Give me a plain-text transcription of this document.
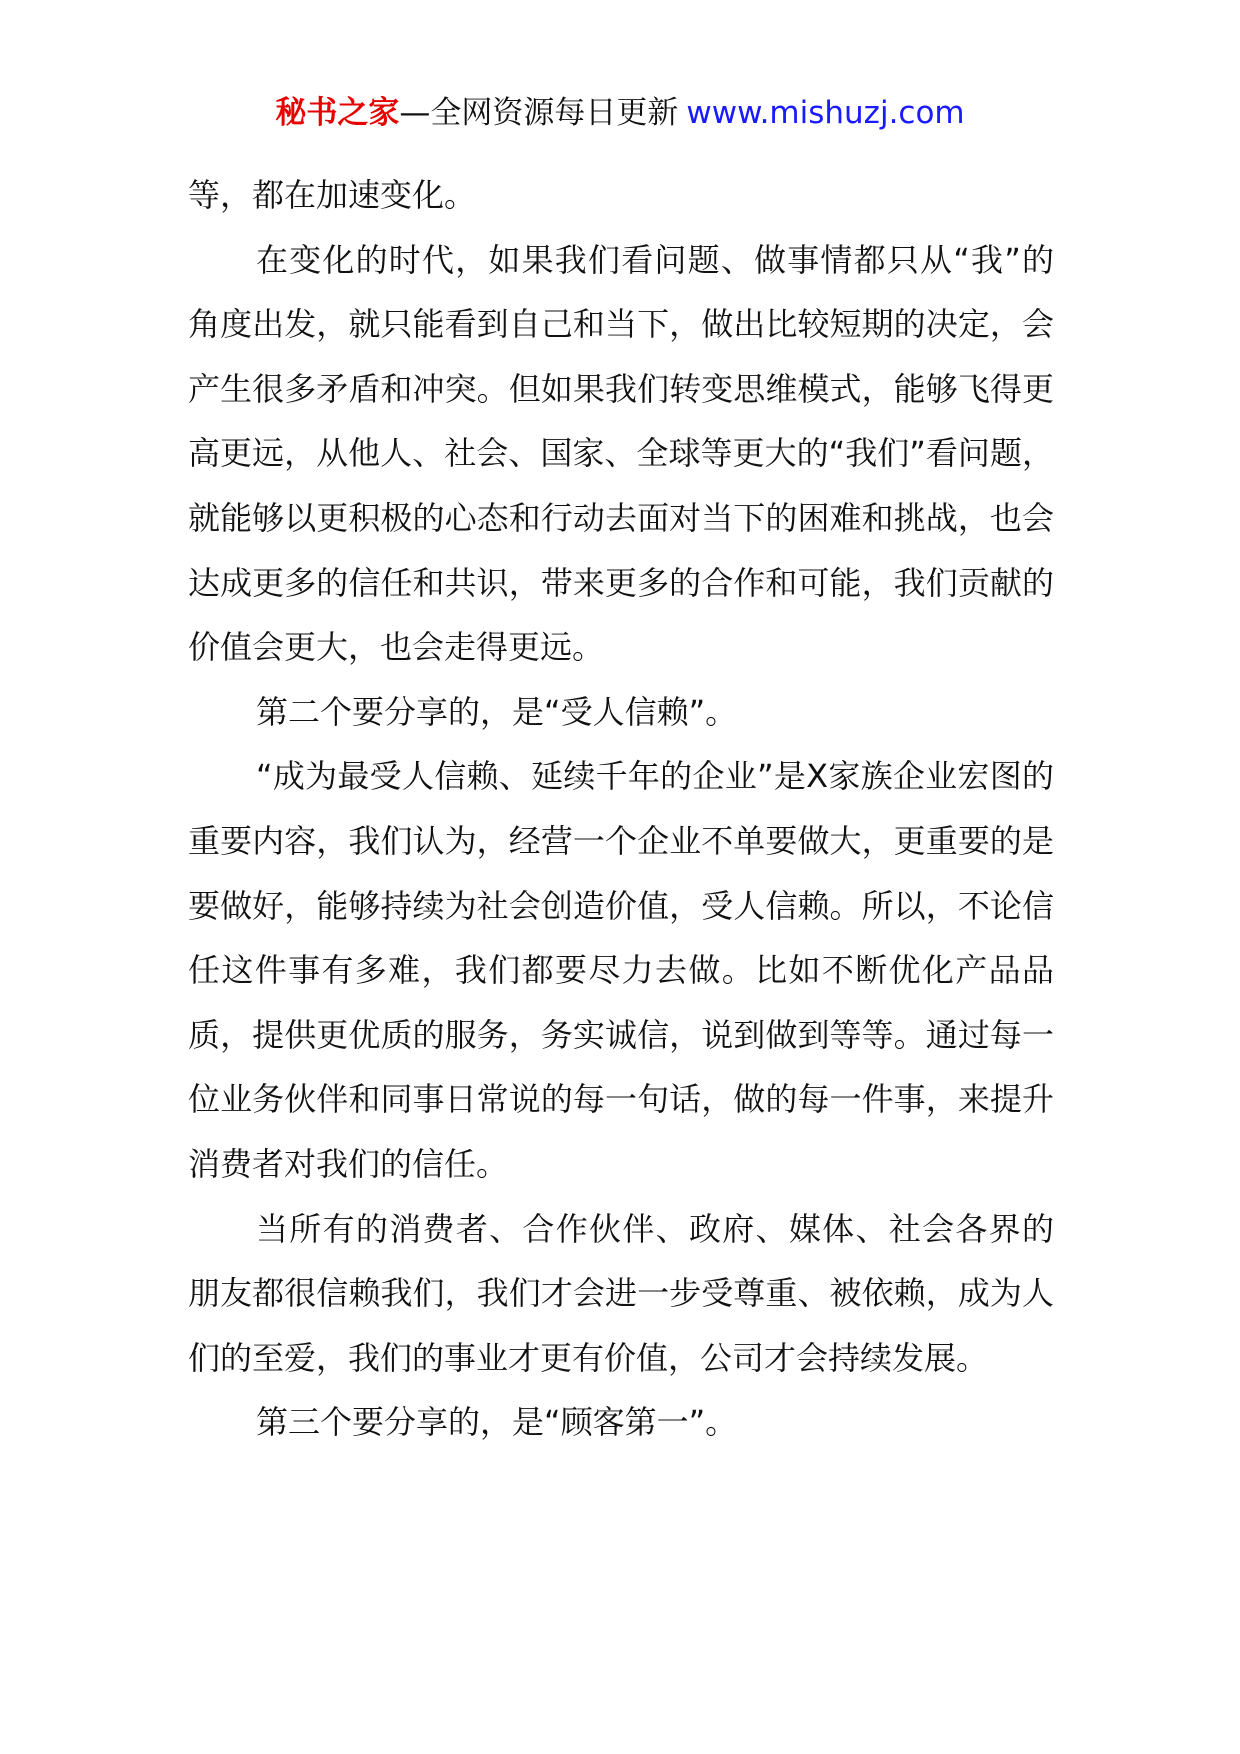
秘书之家—全网资源每日更新 www.mishuzj.com

等，都在加速变化。

在变化的时代，如果我们看问题、做事情都只从“我”的角度出发，就只能看到自己和当下，做出比较短期的决定，会产生很多矛盾和冲突。但如果我们转变思维模式，能够飞得更高更远，从他人、社会、国家、全球等更大的“我们”看问题，就能够以更积极的心态和行动去面对当下的困难和挑战，也会达成更多的信任和共识，带来更多的合作和可能，我们贡献的价值会更大，也会走得更远。

第二个要分享的，是“受人信赖”。

“成为最受人信赖、延续千年的企业”是X家族企业宏图的重要内容，我们认为，经营一个企业不单要做大，更重要的是要做好，能够持续为社会创造价值，受人信赖。所以，不论信任这件事有多难，我们都要尽力去做。比如不断优化产品品质，提供更优质的服务，务实诚信，说到做到等等。通过每一位业务伙伴和同事日常说的每一句话，做的每一件事，来提升消费者对我们的信任。

当所有的消费者、合作伙伴、政府、媒体、社会各界的朋友都很信赖我们，我们才会进一步受尊重、被依赖，成为人们的至爱，我们的事业才更有价值，公司才会持续发展。

第三个要分享的，是“顾客第一”。
